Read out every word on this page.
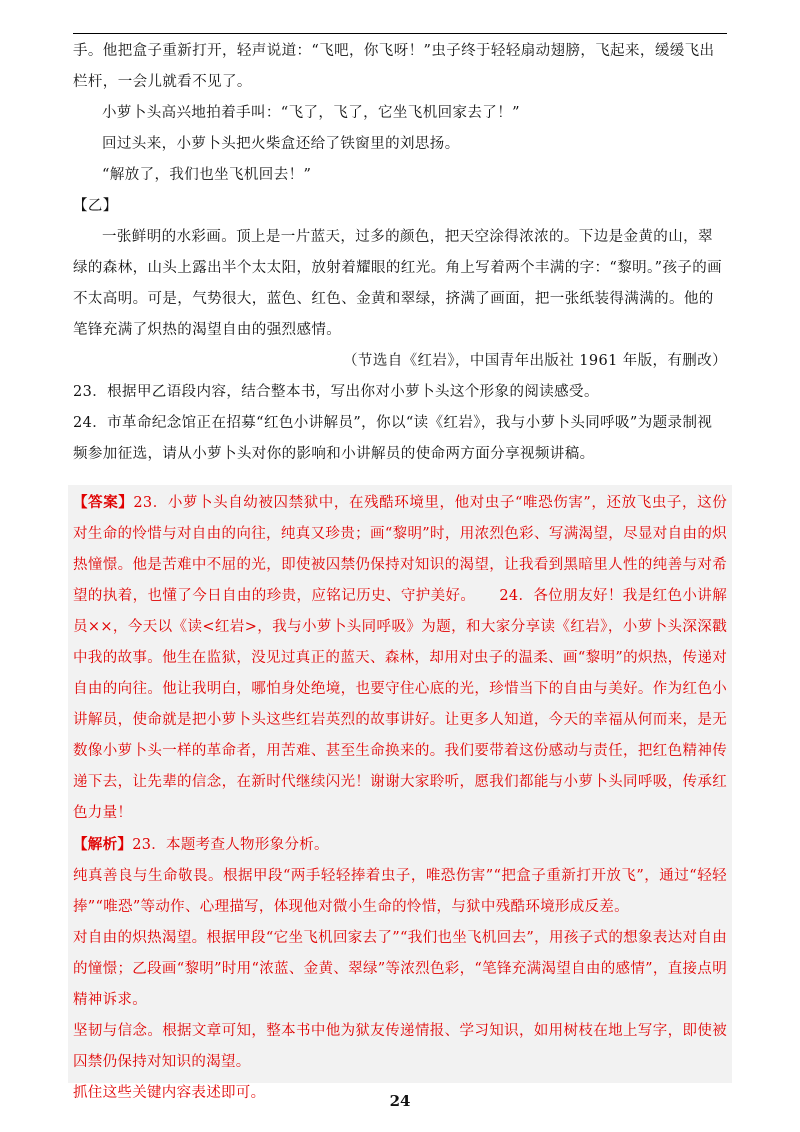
手。他把盒子重新打开，轻声说道：“飞吧，你飞呀！”虫子终于轻轻扇动翅膀，飞起来，缓缓飞出栏杆，一会儿就看不见了。

小萝卜头高兴地拍着手叫：“飞了，飞了，它坐飞机回家去了！”

回过头来，小萝卜头把火柴盒还给了铁窗里的刘思扬。

“解放了，我们也坐飞机回去！”

【乙】

一张鲜明的水彩画。顶上是一片蓝天，过多的颜色，把天空涂得浓浓的。下边是金黄的山，翠绿的森林，山头上露出半个太太阳，放射着耀眼的红光。角上写着两个丰满的字：“黎明。”孩子的画不太高明。可是，气势很大，蓝色、红色、金黄和翠绿，挤满了画面，把一张纸装得满满的。他的笔锋充满了炽热的渴望自由的强烈感情。

（节选自《红岩》，中国青年出版社 1961 年版，有删改）

23．根据甲乙语段内容，结合整本书，写出你对小萝卜头这个形象的阅读感受。

24．市革命纪念馆正在招募“红色小讲解员”，你以“读《红岩》，我与小萝卜头同呼吸”为题录制视频参加征选，请从小萝卜头对你的影响和小讲解员的使命两方面分享视频讲稿。

【答案】23．小萝卜头自幼被囚禁狱中，在残酷环境里，他对虫子“唯恐伤害”，还放飞虫子，这份对生命的怜惜与对自由的向往，纯真又珍贵；画“黎明”时，用浓烈色彩、写满渴望，尽显对自由的炽热憧憬。他是苦难中不屈的光，即使被囚禁仍保持对知识的渴望，让我看到黑暗里人性的纯善与对希望的执着，也懂了今日自由的珍贵，应铭记历史、守护美好。 24．各位朋友好！我是红色小讲解员××，今天以《读<红岩>，我与小萝卜头同呼吸》为题，和大家分享读《红岩》，小萝卜头深深戳中我的故事。他生在监狱，没见过真正的蓝天、森林，却用对虫子的温柔、画“黎明”的炽热，传递对自由的向往。他让我明白，哪怕身处绝境，也要守住心底的光，珍惜当下的自由与美好。作为红色小讲解员，使命就是把小萝卜头这些红岩英烈的故事讲好。让更多人知道，今天的幸福从何而来，是无数像小萝卜头一样的革命者，用苦难、甚至生命换来的。我们要带着这份感动与责任，把红色精神传递下去，让先辈的信念，在新时代继续闪光！谢谢大家聆听，愿我们都能与小萝卜头同呼吸，传承红色力量！

【解析】23．本题考查人物形象分析。

纯真善良与生命敬畏。根据甲段“两手轻轻捧着虫子，唯恐伤害”“把盒子重新打开放飞”，通过“轻轻捧”“唯恐”等动作、心理描写，体现他对微小生命的怜惜，与狱中残酷环境形成反差。

对自由的炽热渴望。根据甲段“它坐飞机回家去了”“我们也坐飞机回去”，用孩子式的想象表达对自由的憧憬；乙段画“黎明”时用“浓蓝、金黄、翠绿”等浓烈色彩，“笔锋充满渴望自由的感情”，直接点明精神诉求。

坚韧与信念。根据文章可知，整本书中他为狱友传递情报、学习知识，如用树枝在地上写字，即使被囚禁仍保持对知识的渴望。

抓住这些关键内容表述即可。	24
